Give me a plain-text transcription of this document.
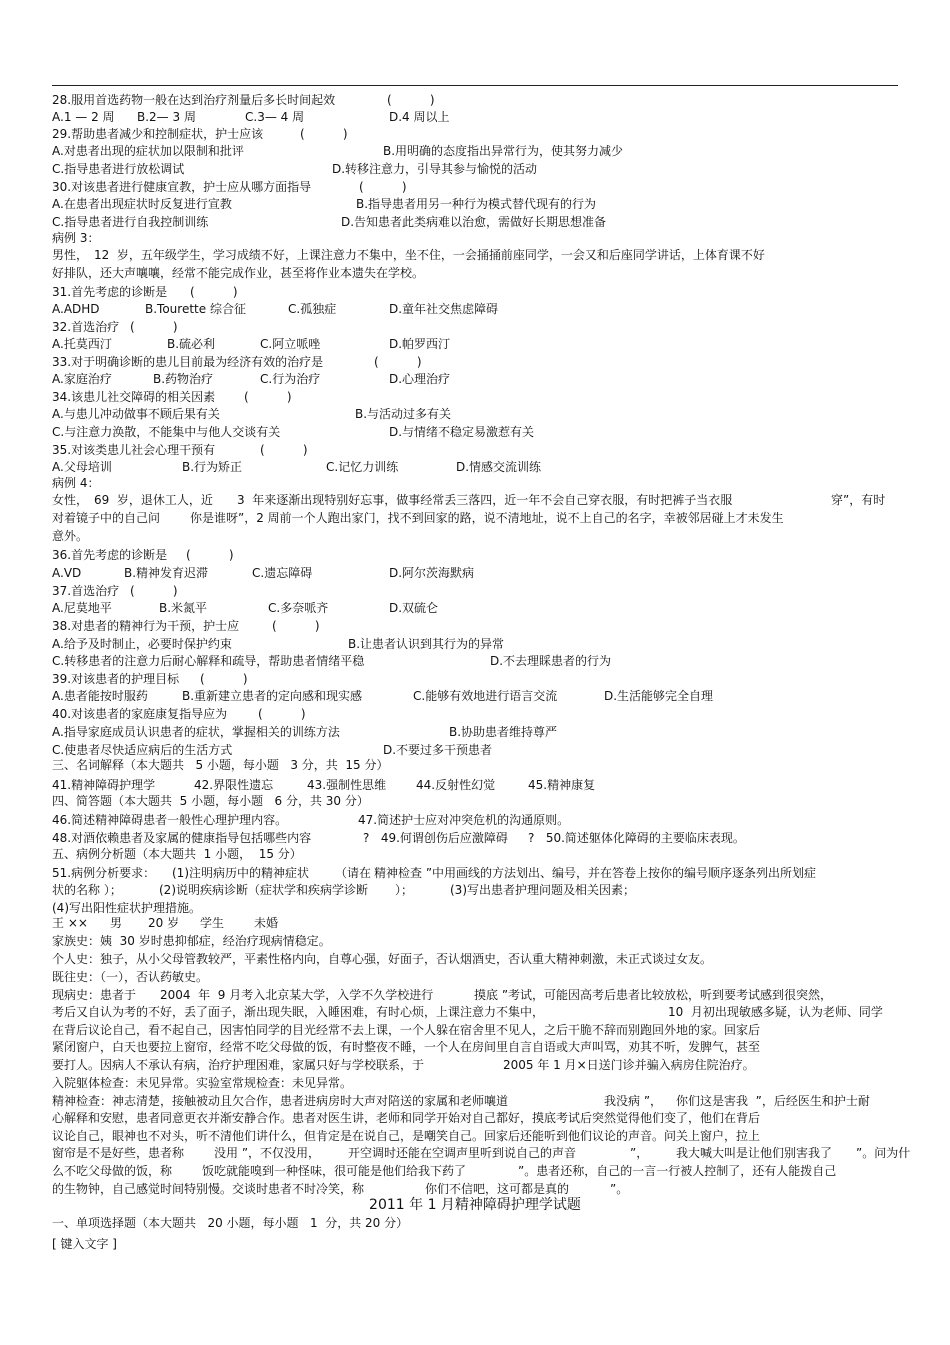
28.服用首选药物一般在达到治疗剂量后多长时间起效

	(          )

A.1 — 2 周

B.2— 3 周

	C.3— 4 周

	D.4 周以上

29.帮助患者减少和控制症状，护士应该

	(          )

A.对患者出现的症状加以限制和批评

	B.用明确的态度指出异常行为，使其努力减少

C.指导患者进行放松调试

	D.转移注意力，引导其参与愉悦的活动

30.对该患者进行健康宣教，护士应从哪方面指导

	(          )

A.在患者出现症状时反复进行宣教

	B.指导患者用另一种行为模式替代现有的行为

C.指导患者进行自我控制训练

	D.告知患者此类病难以治愈，需做好长期思想准备

病例 3：

男性，

12  岁，五年级学生，学习成绩不好，上课注意力不集中，坐不住，一会捅捅前座同学，一会又和后座同学讲话，上体育课不好

好排队，还大声嚷嚷，经常不能完成作业，甚至将作业本遗失在学校。

31.首先考虑的诊断是

(          )

A.ADHD

	B.Tourette 综合征

	C.孤独症

	D.童年社交焦虑障碍

32.首选治疗

(          )

A.托莫西汀

	B.硫必利

	C.阿立哌唑

	D.帕罗西汀

33.对于明确诊断的患儿目前最为经济有效的治疗是

	(          )

A.家庭治疗

	B.药物治疗

	C.行为治疗

	D.心理治疗

34.该患儿社交障碍的相关因素

(          )

A.与患儿冲动做事不顾后果有关

	B.与活动过多有关

C.与注意力涣散，不能集中与他人交谈有关

	D.与情绪不稳定易激惹有关

35.对该类患儿社会心理干预有

	(          )

A.父母培训

	B.行为矫正

	C.记忆力训练

	D.情感交流训练

病例 4：

女性，

69  岁，退休工人，近

3  年来逐渐出现特别好忘事，做事经常丢三落四，近一年不会自己穿衣服，有时把裤子当衣服

	穿”，有时

对着镜子中的自己问

你是谁呀”，2 周前一个人跑出家门，找不到回家的路，说不清地址，说不上自己的名字，幸被邻居碰上才未发生

意外。

36.首先考虑的诊断是

(          )

A.VD

	B.精神发育迟滞

	C.遗忘障碍

	D.阿尔茨海默病

37.首选治疗

(          )

A.尼莫地平

	B.米氮平

	C.多奈哌齐

	D.双硫仑

38.对患者的精神行为干预，护士应

	(          )

A.给予及时制止，必要时保护约束

	B.让患者认识到其行为的异常

C.转移患者的注意力后耐心解释和疏导，帮助患者情绪平稳

	D.不去理睬患者的行为

39.对该患者的护理目标

(          )

A.患者能按时服药

	B.重新建立患者的定向感和现实感

	C.能够有效地进行语言交流

	D.生活能够完全自理

40.对该患者的家庭康复指导应为

	(          )

A.指导家庭成员认识患者的症状，掌握相关的训练方法

	B.协助患者维持尊严

C.使患者尽快适应病后的生活方式

	D.不要过多干预患者

三、名词解释（本大题共   5 小题，每小题   3 分，共  15 分）

41.精神障碍护理学

	42.界限性遗忘

	43.强制性思维

44.反射性幻觉

	45.精神康复

四、简答题（本大题共  5 小题，每小题   6 分，共 30 分）

46.简述精神障碍患者一般性心理护理内容。

	47.简述护士应对冲突危机的沟通原则。

48.对酒依赖患者及家属的健康指导包括哪些内容

	?   49.何谓创伤后应激障碍

?   50.简述躯体化障碍的主要临床表现。

五、病例分析题（本大题共  1 小题，  15 分）

51.病例分析要求：

(1)注明病历中的精神症状

（请在

精神检查 ”中用画线的方法划出、编号，并在答卷上按你的编号顺序逐条列出所划症

状的名称 ）；

	(2)说明疾病诊断（症状学和疾病学诊断

）；

	(3)写出患者护理问题及相关因素；

(4)写出阳性症状护理措施。

王 ××

男

20 岁

学生

未婚

家族史：姨  30 岁时患抑郁症，经治疗现病情稳定。

个人史：独子，从小父母管教较严，平素性格内向，自尊心强，好面子，否认烟酒史，否认重大精神刺激，未正式谈过女友。

既往史：（一），否认药敏史。

现病史：患者于

2004  年  9 月考入北京某大学，入学不久学校进行

	摸底 ”考试，可能因高考后患者比较放松，听到要考试感到很突然，

考后又自认为考的不好，丢了面子，渐出现失眠，入睡困难，有时心烦，上课注意力不集中，

	10  月初出现敏感多疑，认为老师、同学

在背后议论自己，看不起自己，因害怕同学的目光经常不去上课，一个人躲在宿舍里不见人，之后干脆不辞而别跑回外地的家。回家后

紧闭窗户，白天也要拉上窗帘，经常不吃父母做的饭，有时整夜不睡，一个人在房间里自言自语或大声叫骂，劝其不听，发脾气，甚至

要打人。因病人不承认有病，治疗护理困难，家属只好与学校联系，于

	2005 年 1 月×日送门诊并骗入病房住院治疗。

入院躯体检查：未见异常。实验室常规检查：未见异常。

精神检查：神志清楚，接触被动且欠合作，患者进病房时大声对陪送的家属和老师嚷道

	我没病 ”，

你们这是害我  ”，后经医生和护士耐

心解释和安慰，患者同意更衣并渐安静合作。患者对医生讲，老师和同学开始对自己都好，摸底考试后突然觉得他们变了，他们在背后

议论自己，眼神也不对头，听不清他们讲什么，但肯定是在说自己，是嘲笑自己。回家后还能听到他们议论的声音。问关上窗户，拉上

窗帘是不是好些，患者称

没用 ”，不仅没用，

开空调时还能在空调声里听到说自己的声音

	”，

我大喊大叫是让他们别害我了

”。问为什

么不吃父母做的饭，称

饭吃就能嗅到一种怪味，很可能是他们给我下药了

	”。患者还称，自己的一言一行被人控制了，还有人能拨自己

的生物钟，自己感觉时间特别慢。交谈时患者不时冷笑，称

	你们不信吧，这可都是真的

	”。

2011 年 1 月精神障碍护理学试题

一、单项选择题（本大题共   20 小题，每小题   1  分，共 20 分）

[ 键入文字 ]
